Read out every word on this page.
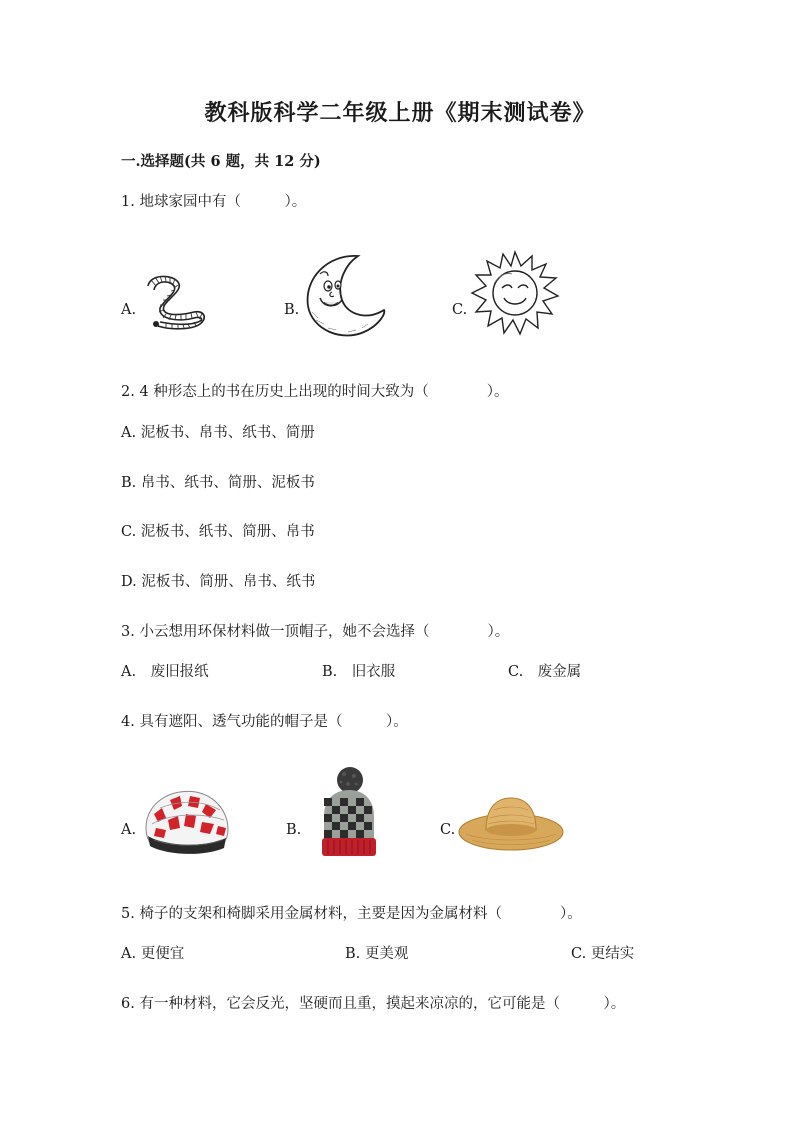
教科版科学二年级上册《期末测试卷》
一.选择题(共 6 题，共 12 分)
1. 地球家园中有（　　　）。
A.	B.	C.
2. 4 种形态上的书在历史上出现的时间大致为（　　　　）。
A. 泥板书、帛书、纸书、简册
B. 帛书、纸书、简册、泥板书
C. 泥板书、纸书、简册、帛书
D. 泥板书、简册、帛书、纸书
3. 小云想用环保材料做一顶帽子，她不会选择（　　　　）。
A.　废旧报纸	B.　旧衣服	C.　废金属
4. 具有遮阳、透气功能的帽子是（　　　）。
A.	B.	C.
5. 椅子的支架和椅脚采用金属材料，主要是因为金属材料（　　　　）。
A. 更便宜	B. 更美观	C. 更结实
6. 有一种材料，它会反光，坚硬而且重，摸起来凉凉的，它可能是（　　　）。
